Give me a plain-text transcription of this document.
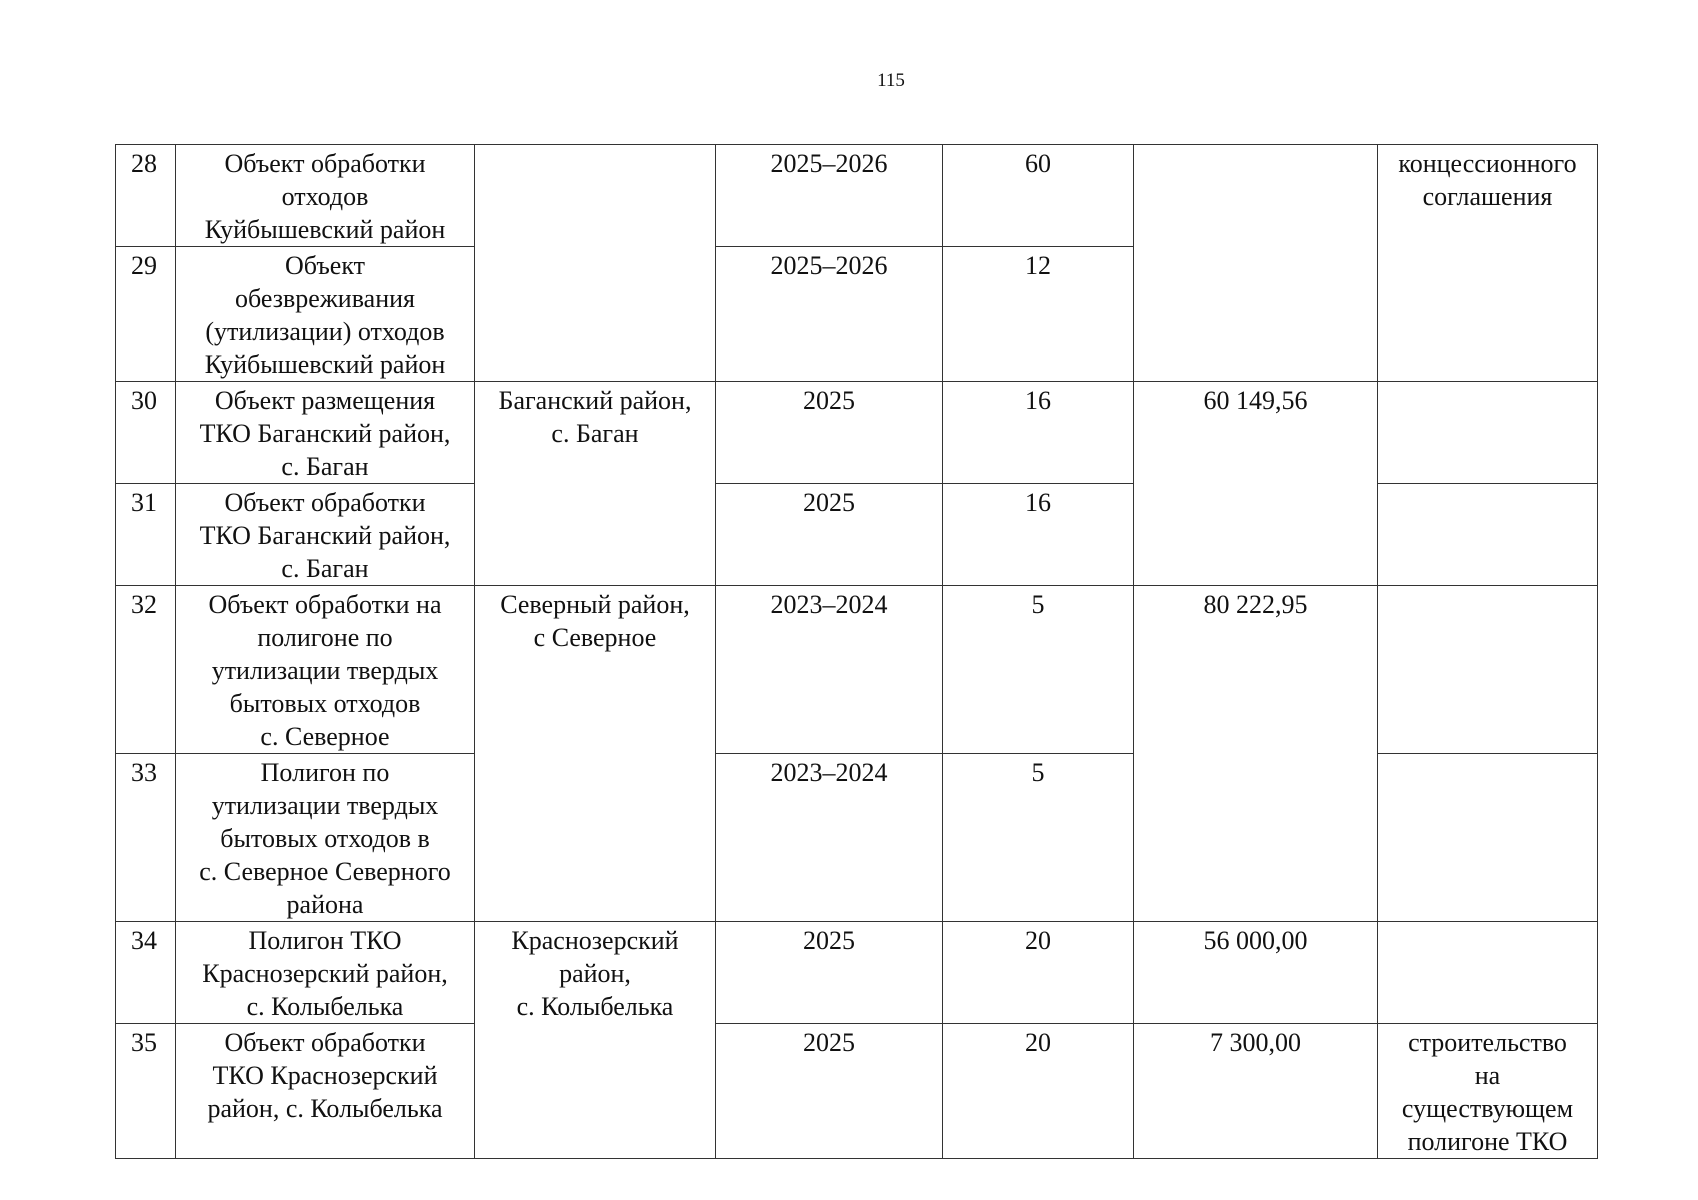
115
28	Объект обработки
отходов
Куйбышевский район		2025–2026	60		концессионного
соглашения
29	Объект
обезвреживания
(утилизации) отходов
Куйбышевский район		2025–2026	12		
30	Объект размещения
ТКО Баганский район,
с. Баган	Баганский район,
с. Баган	2025	16	60 149,56	
31	Объект обработки
ТКО Баганский район,
с. Баган		2025	16		
32	Объект обработки на
полигоне по
утилизации твердых
бытовых отходов
с. Северное	Северный район,
с Северное	2023–2024	5	80 222,95	
33	Полигон по
утилизации твердых
бытовых отходов в
с. Северное Северного
района		2023–2024	5		
34	Полигон ТКО
Краснозерский район,
с. Колыбелька	Краснозерский
район,
с. Колыбелька	2025	20	56 000,00	
35	Объект обработки
ТКО Краснозерский
район, с. Колыбелька		2025	20	7 300,00	строительство
на
существующем
полигоне ТКО
